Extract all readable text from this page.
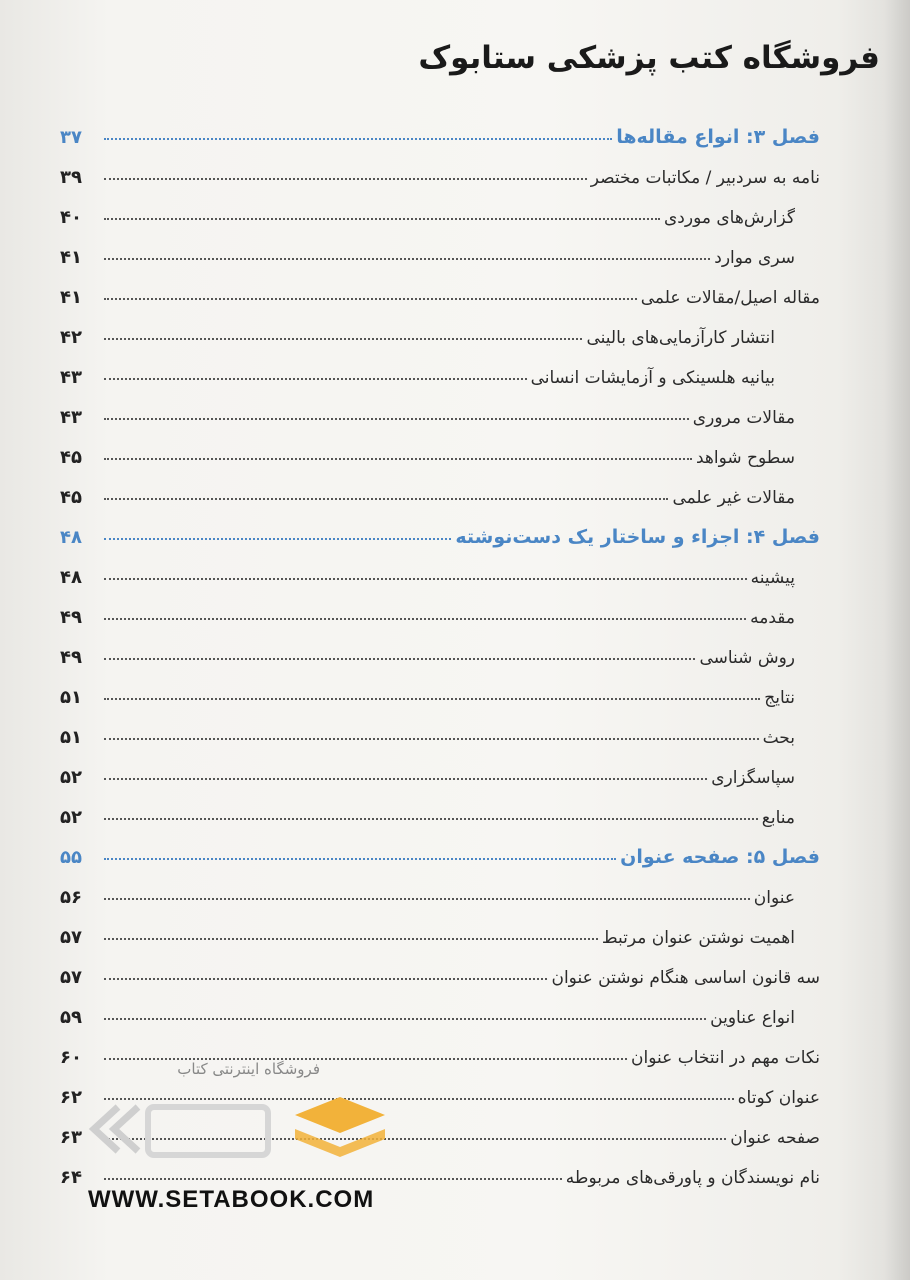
فروشگاه کتب پزشکی ستابوک
فصل ۳: انواع مقاله‌ها
۳۷
نامه به سردبیر / مکاتبات مختصر
۳۹
گزارش‌های موردی
۴۰
سری موارد
۴۱
مقاله اصیل/مقالات علمی
۴۱
انتشار کارآزمایی‌های بالینی
۴۲
بیانیه هلسینکی و آزمایشات انسانی
۴۳
مقالات مروری
۴۳
سطوح شواهد
۴۵
مقالات غیر علمی
۴۵
فصل ۴: اجزاء و ساختار یک دست‌نوشته
۴۸
پیشینه
۴۸
مقدمه
۴۹
روش شناسی
۴۹
نتایج
۵۱
بحث
۵۱
سپاسگزاری
۵۲
منابع
۵۲
فصل ۵: صفحه عنوان
۵۵
عنوان
۵۶
اهمیت نوشتن عنوان مرتبط
۵۷
سه قانون اساسی هنگام نوشتن عنوان
۵۷
انواع عناوین
۵۹
نکات مهم در انتخاب عنوان
۶۰
عنوان کوتاه
۶۲
صفحه عنوان
۶۳
نام نویسندگان و پاورقی‌های مربوطه
۶۴
فروشگاه اینترنتی کتاب
WWW.SETABOOK.COM
